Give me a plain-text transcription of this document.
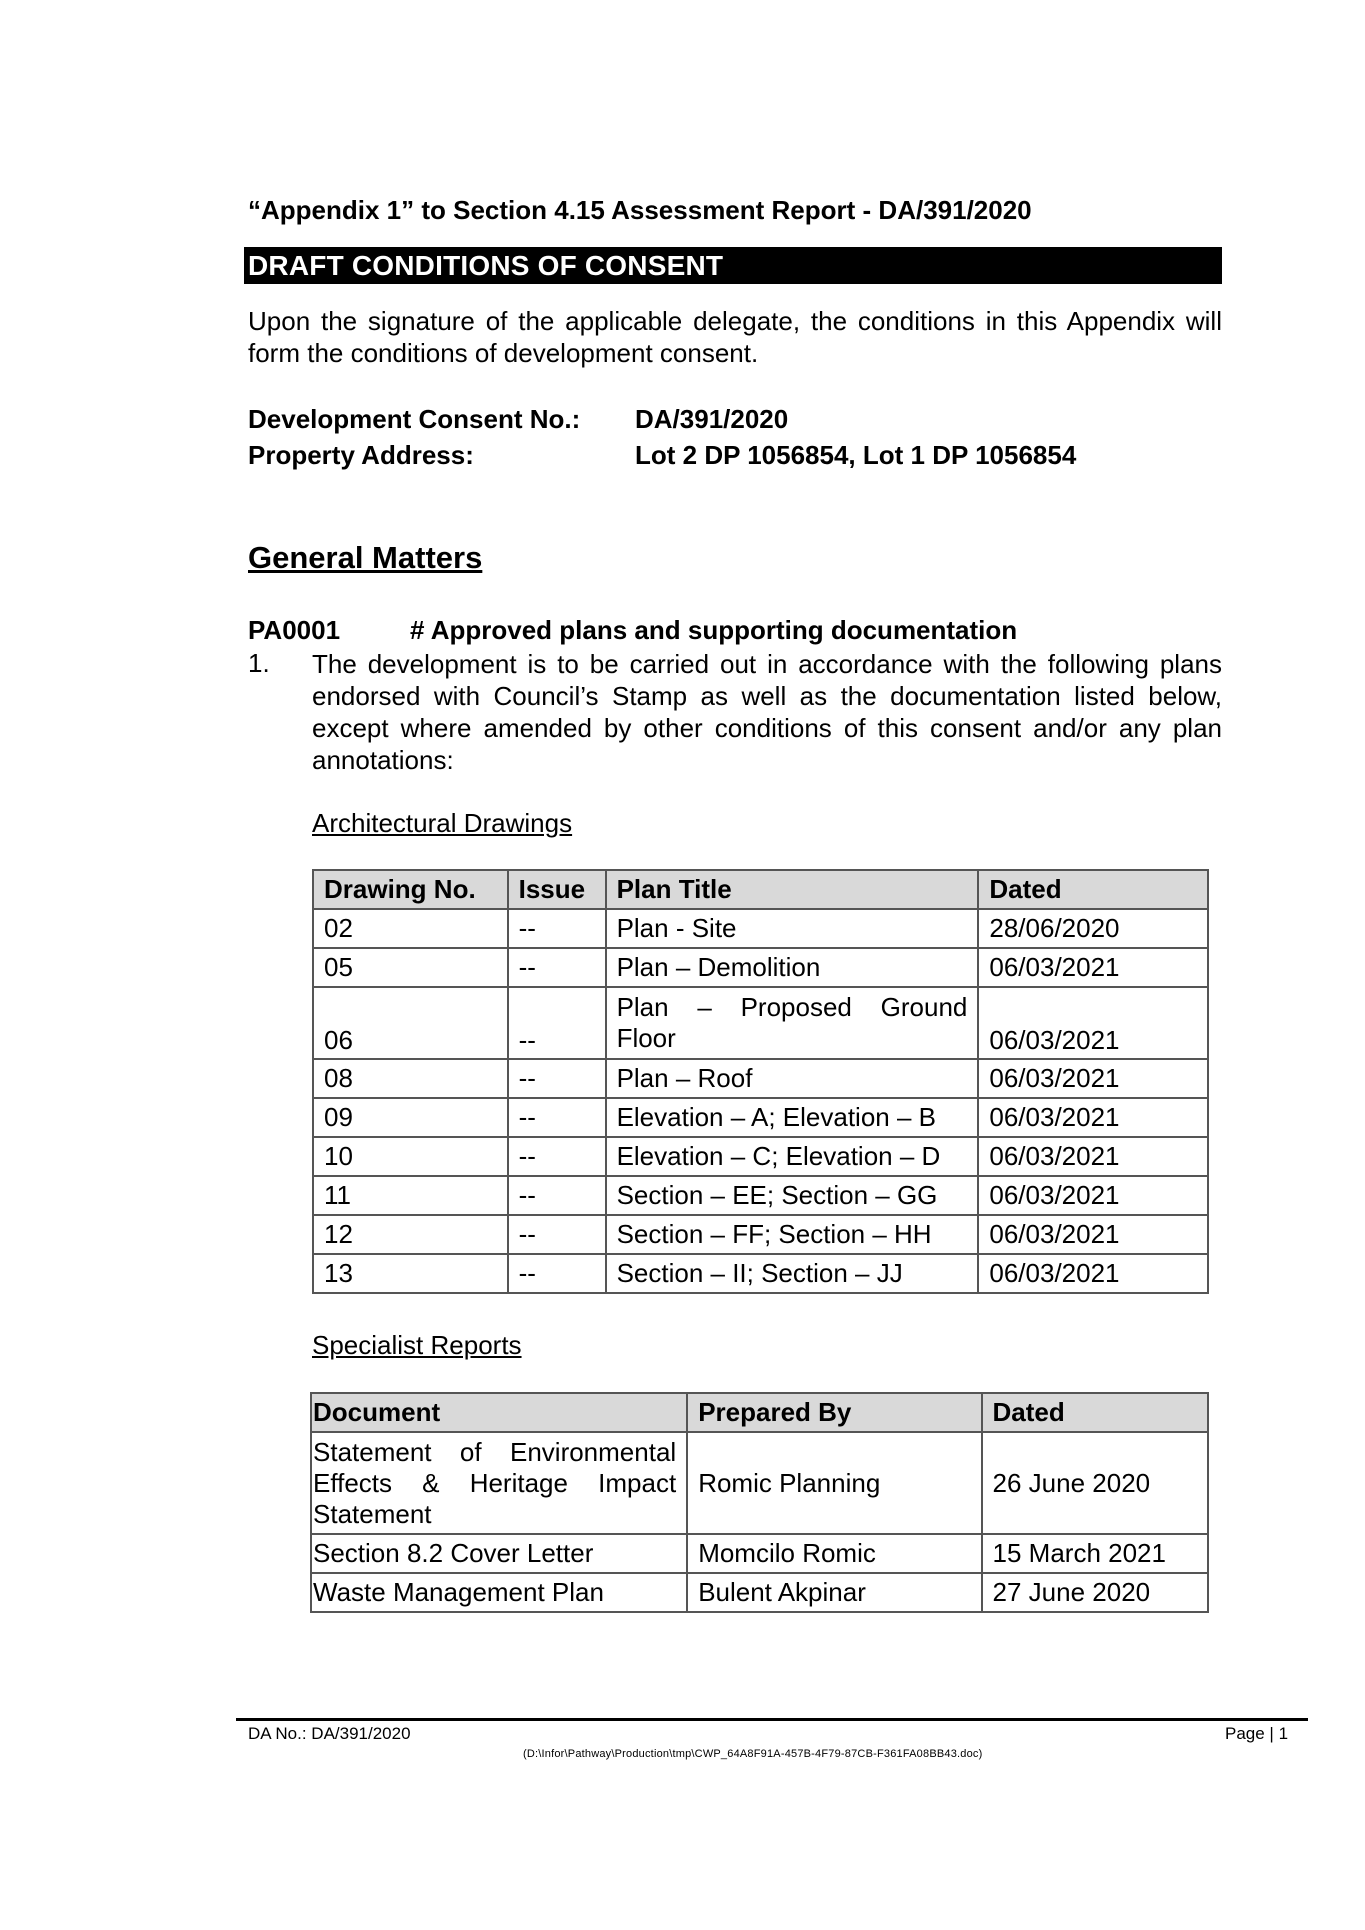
“Appendix 1” to Section 4.15 Assessment Report - DA/391/2020
DRAFT CONDITIONS OF CONSENT
Upon the signature of the applicable delegate, the conditions in this Appendix will form the conditions of development consent.
Development Consent No.: DA/391/2020
Property Address:	Lot 2 DP 1056854, Lot 1 DP 1056854
General Matters
PA0001	# Approved plans and supporting documentation
1. The development is to be carried out in accordance with the following plans endorsed with Council’s Stamp as well as the documentation listed below, except where amended by other conditions of this consent and/or any plan annotations:
Architectural Drawings
Drawing No.	Issue	Plan Title	Dated
02	--	Plan - Site	28/06/2020
05	--	Plan – Demolition	06/03/2021
06	--	Plan – Proposed Ground Floor	06/03/2021
08	--	Plan – Roof	06/03/2021
09	--	Elevation – A; Elevation – B	06/03/2021
10	--	Elevation – C; Elevation – D	06/03/2021
11	--	Section – EE; Section – GG	06/03/2021
12	--	Section – FF; Section – HH	06/03/2021
13	--	Section – II; Section – JJ	06/03/2021
Specialist Reports
Document	Prepared By	Dated
Statement of Environmental Effects & Heritage Impact Statement	Romic Planning	26 June 2020
Section 8.2 Cover Letter	Momcilo Romic	15 March 2021
Waste Management Plan	Bulent Akpinar	27 June 2020
DA No.: DA/391/2020	Page | 1
(D:\Infor\Pathway\Production\tmp\CWP_64A8F91A-457B-4F79-87CB-F361FA08BB43.doc)
